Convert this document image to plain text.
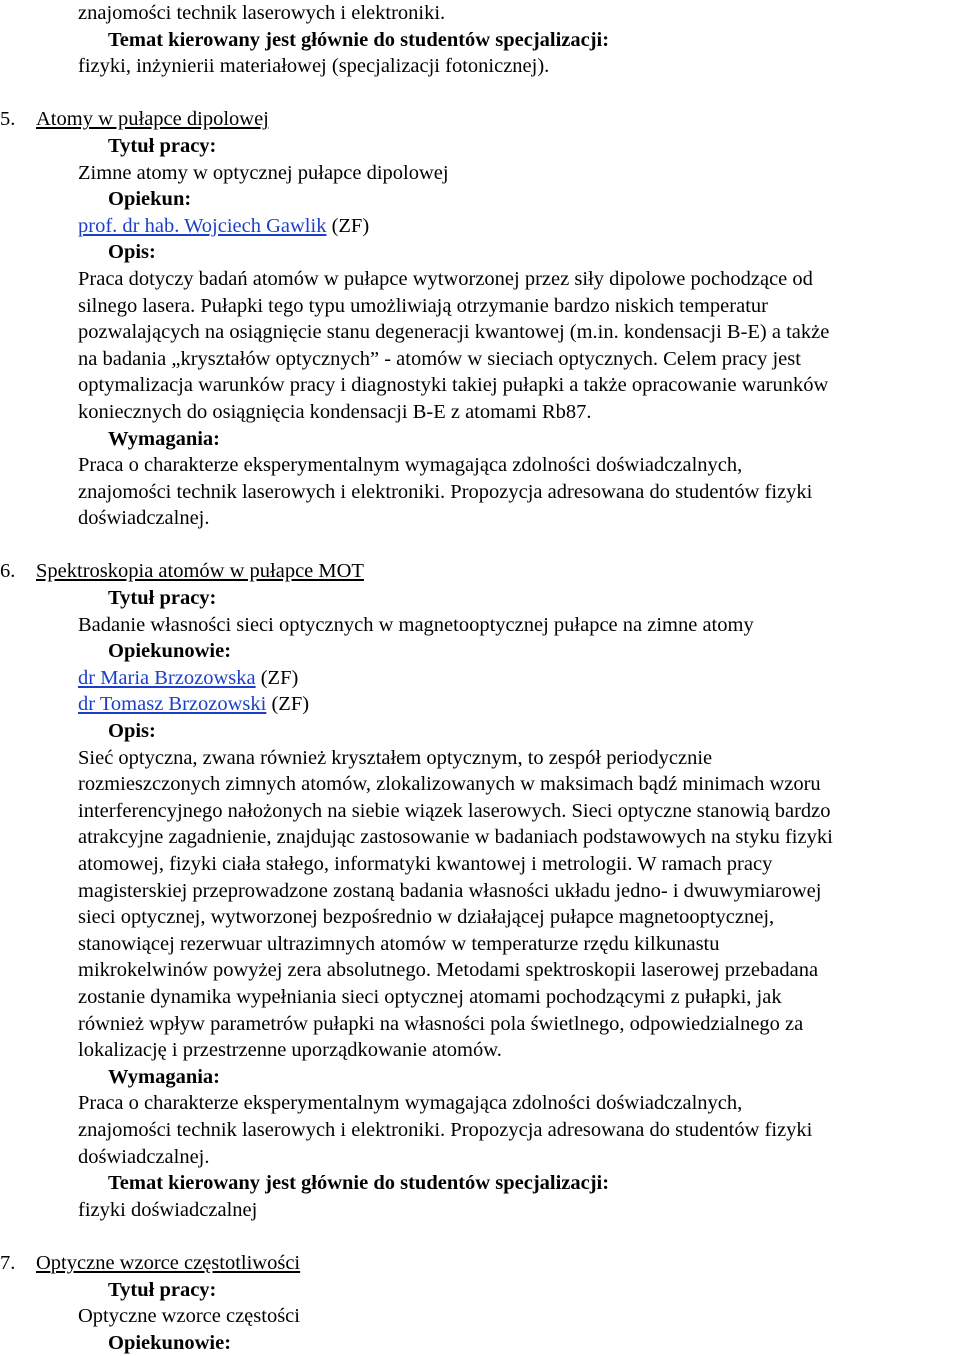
znajomości technik laserowych i elektroniki.
Temat kierowany jest głównie do studentów specjalizacji:
fizyki, inżynierii materiałowej (specjalizacji fotonicznej).
5. Atomy w pułapce dipolowej
Tytuł pracy:
Zimne atomy w optycznej pułapce dipolowej
Opiekun:
prof. dr hab. Wojciech Gawlik (ZF)
Opis:
Praca dotyczy badań atomów w pułapce wytworzonej przez siły dipolowe pochodzące od
silnego lasera. Pułapki tego typu umożliwiają otrzymanie bardzo niskich temperatur
pozwalających na osiągnięcie stanu degeneracji kwantowej (m.in. kondensacji B-E) a także
na badania „kryształów optycznych” - atomów w sieciach optycznych. Celem pracy jest
optymalizacja warunków pracy i diagnostyki takiej pułapki a także opracowanie warunków
koniecznych do osiągnięcia kondensacji B-E z atomami Rb87.
Wymagania:
Praca o charakterze eksperymentalnym wymagająca zdolności doświadczalnych,
znajomości technik laserowych i elektroniki. Propozycja adresowana do studentów fizyki
doświadczalnej.
6. Spektroskopia atomów w pułapce MOT
Tytuł pracy:
Badanie własności sieci optycznych w magnetooptycznej pułapce na zimne atomy
Opiekunowie:
dr Maria Brzozowska (ZF)
dr Tomasz Brzozowski (ZF)
Opis:
Sieć optyczna, zwana również kryształem optycznym, to zespół periodycznie
rozmieszczonych zimnych atomów, zlokalizowanych w maksimach bądź minimach wzoru
interferencyjnego nałożonych na siebie wiązek laserowych. Sieci optyczne stanowią bardzo
atrakcyjne zagadnienie, znajdując zastosowanie w badaniach podstawowych na styku fizyki
atomowej, fizyki ciała stałego, informatyki kwantowej i metrologii. W ramach pracy
magisterskiej przeprowadzone zostaną badania własności układu jedno- i dwuwymiarowej
sieci optycznej, wytworzonej bezpośrednio w działającej pułapce magnetooptycznej,
stanowiącej rezerwuar ultrazimnych atomów w temperaturze rzędu kilkunastu
mikrokelwinów powyżej zera absolutnego. Metodami spektroskopii laserowej przebadana
zostanie dynamika wypełniania sieci optycznej atomami pochodzącymi z pułapki, jak
również wpływ parametrów pułapki na własności pola świetlnego, odpowiedzialnego za
lokalizację i przestrzenne uporządkowanie atomów.
Wymagania:
Praca o charakterze eksperymentalnym wymagająca zdolności doświadczalnych,
znajomości technik laserowych i elektroniki. Propozycja adresowana do studentów fizyki
doświadczalnej.
Temat kierowany jest głównie do studentów specjalizacji:
fizyki doświadczalnej
7. Optyczne wzorce częstotliwości
Tytuł pracy:
Optyczne wzorce częstości
Opiekunowie:
